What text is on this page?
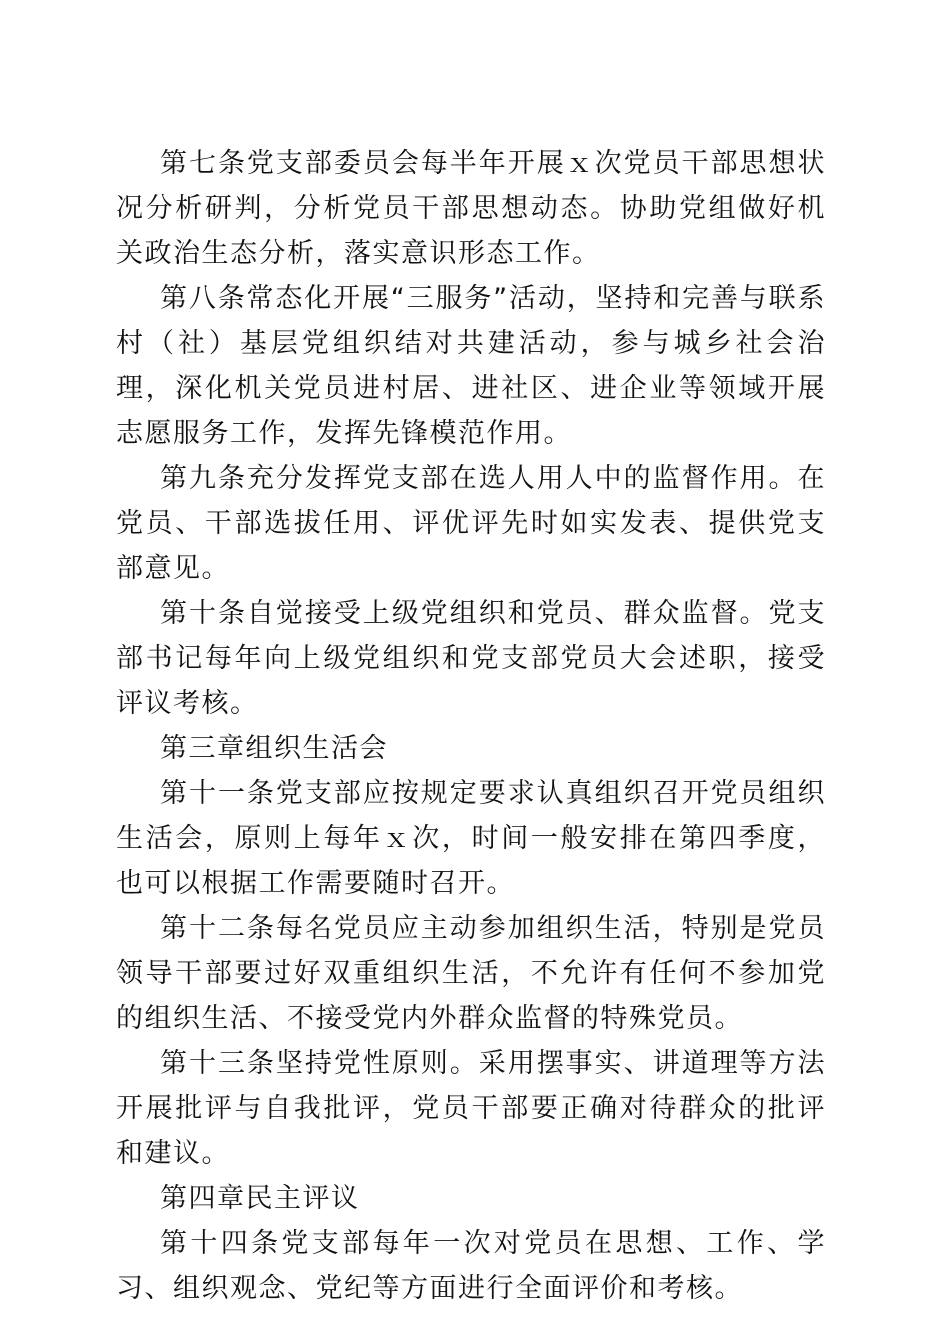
第七条党支部委员会每半年开展ｘ次党员干部思想状况分析研判，分析党员干部思想动态。协助党组做好机关政治生态分析，落实意识形态工作。

第八条常态化开展“三服务”活动，坚持和完善与联系村（社）基层党组织结对共建活动，参与城乡社会治理，深化机关党员进村居、进社区、进企业等领域开展志愿服务工作，发挥先锋模范作用。

第九条充分发挥党支部在选人用人中的监督作用。在党员、干部选拔任用、评优评先时如实发表、提供党支部意见。

第十条自觉接受上级党组织和党员、群众监督。党支部书记每年向上级党组织和党支部党员大会述职，接受评议考核。

第三章组织生活会

第十一条党支部应按规定要求认真组织召开党员组织生活会，原则上每年ｘ次，时间一般安排在第四季度，也可以根据工作需要随时召开。

第十二条每名党员应主动参加组织生活，特别是党员领导干部要过好双重组织生活，不允许有任何不参加党的组织生活、不接受党内外群众监督的特殊党员。

第十三条坚持党性原则。采用摆事实、讲道理等方法开展批评与自我批评，党员干部要正确对待群众的批评和建议。

第四章民主评议

第十四条党支部每年一次对党员在思想、工作、学习、组织观念、党纪等方面进行全面评价和考核。
